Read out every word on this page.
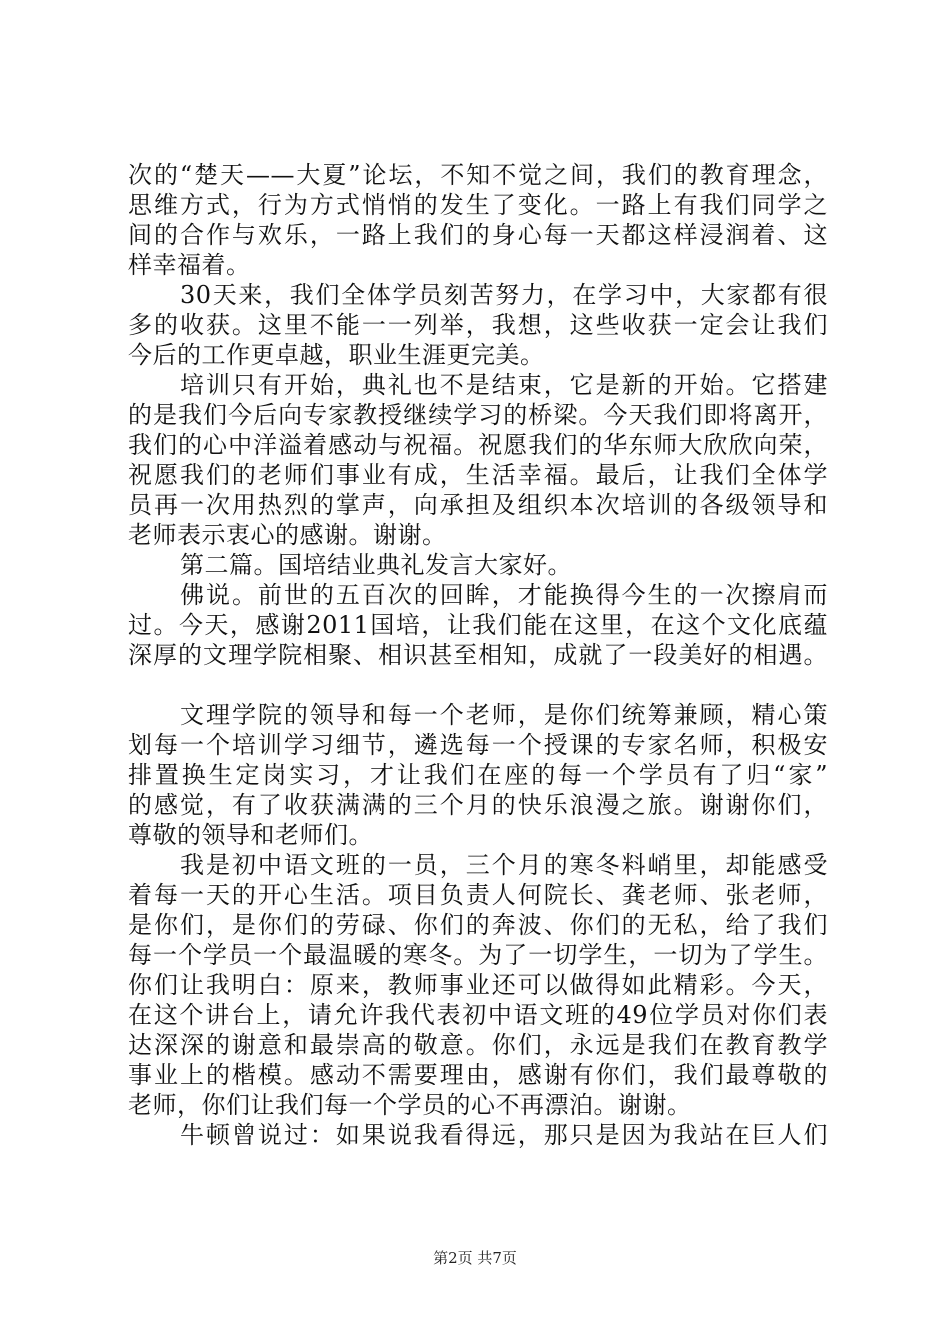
次的“楚天——大夏”论坛，不知不觉之间，我们的教育理念，
思维方式，行为方式悄悄的发生了变化。一路上有我们同学之
间的合作与欢乐，一路上我们的身心每一天都这样浸润着、这
样幸福着。
30天来，我们全体学员刻苦努力，在学习中，大家都有很
多的收获。这里不能一一列举，我想，这些收获一定会让我们
今后的工作更卓越，职业生涯更完美。
培训只有开始，典礼也不是结束，它是新的开始。它搭建
的是我们今后向专家教授继续学习的桥梁。今天我们即将离开，
我们的心中洋溢着感动与祝福。祝愿我们的华东师大欣欣向荣，
祝愿我们的老师们事业有成，生活幸福。最后，让我们全体学
员再一次用热烈的掌声，向承担及组织本次培训的各级领导和
老师表示衷心的感谢。谢谢。
第二篇。国培结业典礼发言大家好。
佛说。前世的五百次的回眸，才能换得今生的一次擦肩而
过。今天，感谢2011国培，让我们能在这里，在这个文化底蕴
深厚的文理学院相聚、相识甚至相知，成就了一段美好的相遇。
文理学院的领导和每一个老师，是你们统筹兼顾，精心策
划每一个培训学习细节，遴选每一个授课的专家名师，积极安
排置换生定岗实习，才让我们在座的每一个学员有了归“家”
的感觉，有了收获满满的三个月的快乐浪漫之旅。谢谢你们，
尊敬的领导和老师们。
我是初中语文班的一员，三个月的寒冬料峭里，却能感受
着每一天的开心生活。项目负责人何院长、龚老师、张老师，
是你们，是你们的劳碌、你们的奔波、你们的无私，给了我们
每一个学员一个最温暖的寒冬。为了一切学生，一切为了学生。
你们让我明白：原来，教师事业还可以做得如此精彩。今天，
在这个讲台上，请允许我代表初中语文班的49位学员对你们表
达深深的谢意和最崇高的敬意。你们，永远是我们在教育教学
事业上的楷模。感动不需要理由，感谢有你们，我们最尊敬的
老师，你们让我们每一个学员的心不再漂泊。谢谢。
牛顿曾说过：如果说我看得远，那只是因为我站在巨人们
第2页 共7页
